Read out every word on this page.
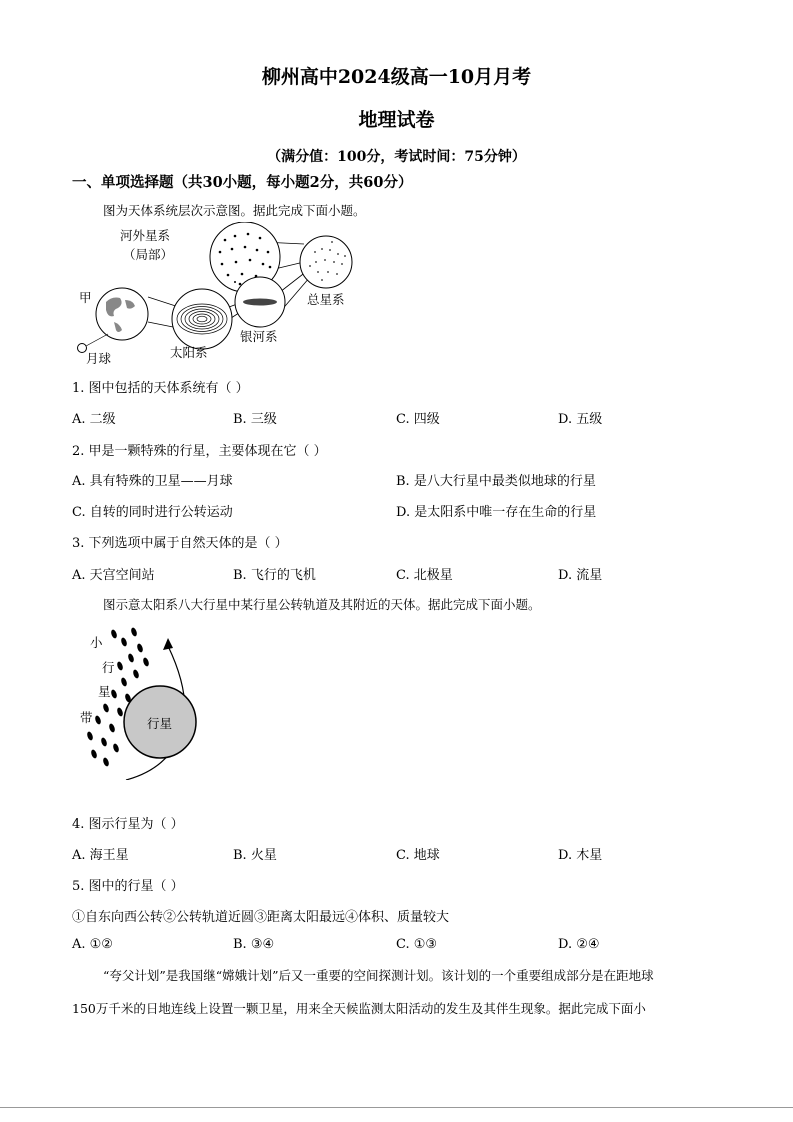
柳州高中2024级高一10月月考
地理试卷
（满分值：100分，考试时间：75分钟）
一、单项选择题（共30小题，每小题2分，共60分）
图为天体系统层次示意图。据此完成下面小题。
河外星系
（局部）
甲
月球	太阳系
银河系
总星系
1. 图中包括的天体系统有（ ）
A. 二级	B. 三级	C. 四级	D. 五级
2. 甲是一颗特殊的行星，主要体现在它（ ）
A. 具有特殊的卫星——月球	B. 是八大行星中最类似地球的行星
C. 自转的同时进行公转运动	D. 是太阳系中唯一存在生命的行星
3. 下列选项中属于自然天体的是（ ）
A. 天宫空间站	B. 飞行的飞机	C. 北极星	D. 流星
图示意太阳系八大行星中某行星公转轨道及其附近的天体。据此完成下面小题。
行星
小
行
星
带
4. 图示行星为（ ）
A. 海王星	B. 火星	C. 地球	D. 木星
5. 图中的行星（ ）
①自东向西公转②公转轨道近圆③距离太阳最远④体积、质量较大
A. ①②	B. ③④	C. ①③	D. ②④
“夸父计划”是我国继“嫦娥计划”后又一重要的空间探测计划。该计划的一个重要组成部分是在距地球
150万千米的日地连线上设置一颗卫星，用来全天候监测太阳活动的发生及其伴生现象。据此完成下面小
